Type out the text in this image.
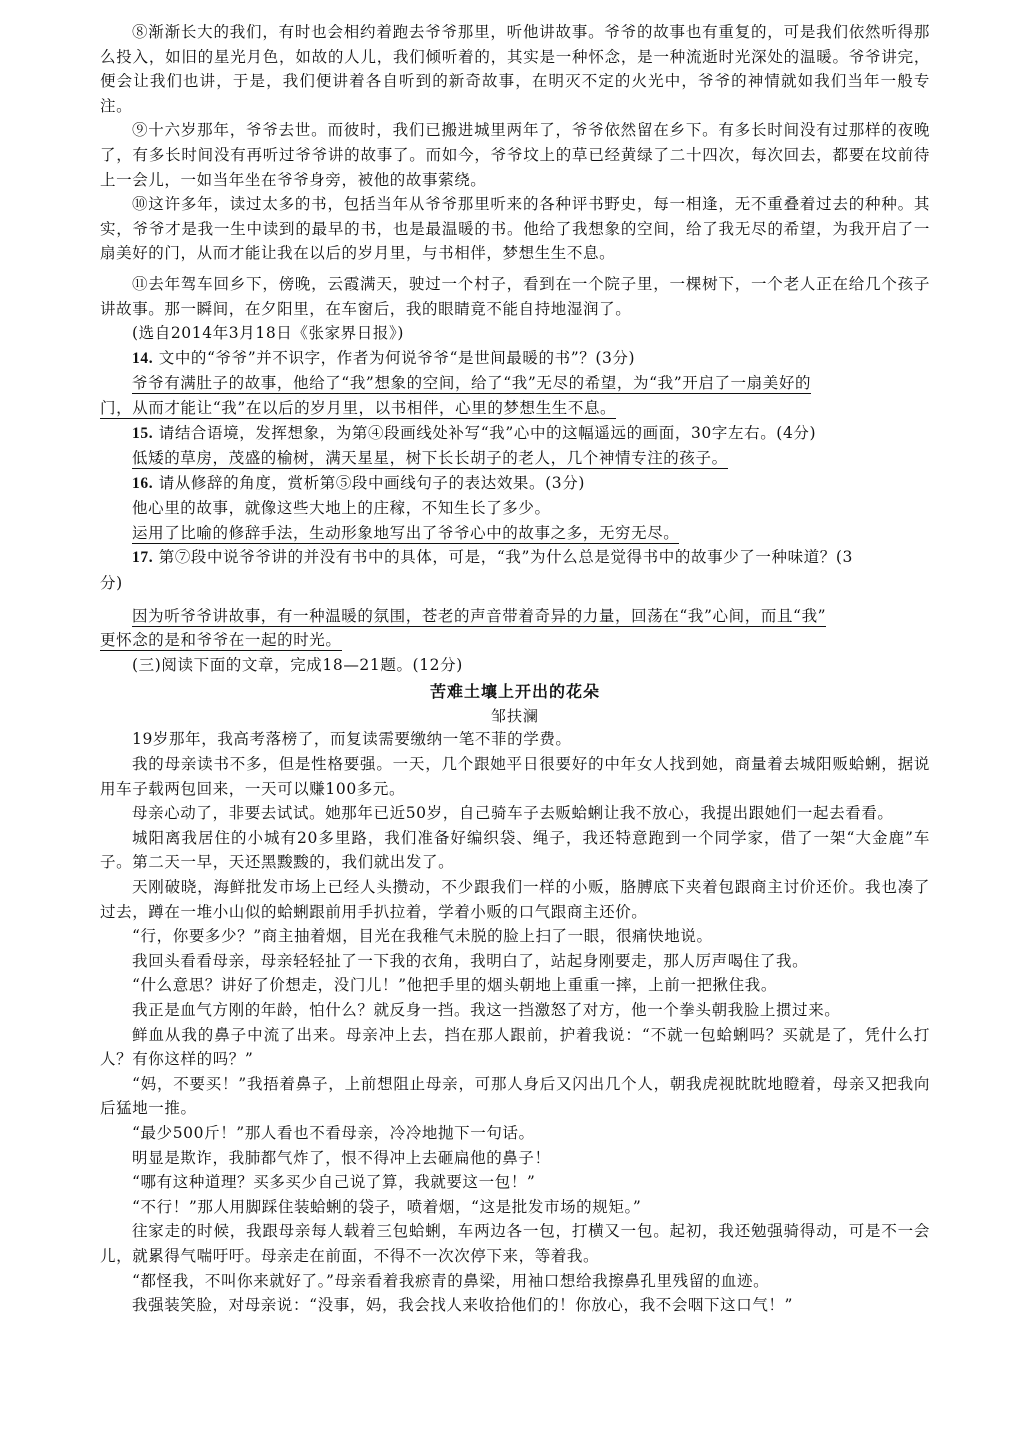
⑧渐渐长大的我们，有时也会相约着跑去爷爷那里，听他讲故事。爷爷的故事也有重复的，可是我们依然听得那么投入，如旧的星光月色，如故的人儿，我们倾听着的，其实是一种怀念，是一种流逝时光深处的温暖。爷爷讲完，便会让我们也讲，于是，我们便讲着各自听到的新奇故事，在明灭不定的火光中，爷爷的神情就如我们当年一般专注。

⑨十六岁那年，爷爷去世。而彼时，我们已搬进城里两年了，爷爷依然留在乡下。有多长时间没有过那样的夜晚了，有多长时间没有再听过爷爷讲的故事了。而如今，爷爷坟上的草已经黄绿了二十四次，每次回去，都要在坟前待上一会儿，一如当年坐在爷爷身旁，被他的故事萦绕。

⑩这许多年，读过太多的书，包括当年从爷爷那里听来的各种评书野史，每一相逢，无不重叠着过去的种种。其实，爷爷才是我一生中读到的最早的书，也是最温暖的书。他给了我想象的空间，给了我无尽的希望，为我开启了一扇美好的门，从而才能让我在以后的岁月里，与书相伴，梦想生生不息。

⑪去年驾车回乡下，傍晚，云霞满天，驶过一个村子，看到在一个院子里，一棵树下，一个老人正在给几个孩子讲故事。那一瞬间，在夕阳里，在车窗后，我的眼睛竟不能自持地湿润了。

(选自2014年3月18日《张家界日报》)

14. 文中的“爷爷”并不识字，作者为何说爷爷“是世间最暖的书”？(3分)

爷爷有满肚子的故事，他给了“我”想象的空间，给了“我”无尽的希望，为“我”开启了一扇美好的

门，从而才能让“我”在以后的岁月里，以书相伴，心里的梦想生生不息。

15. 请结合语境，发挥想象，为第④段画线处补写“我”心中的这幅遥远的画面，30字左右。(4分)

低矮的草房，茂盛的榆树，满天星星，树下长长胡子的老人，几个神情专注的孩子。

16. 请从修辞的角度，赏析第⑤段中画线句子的表达效果。(3分)

他心里的故事，就像这些大地上的庄稼，不知生长了多少。

运用了比喻的修辞手法，生动形象地写出了爷爷心中的故事之多，无穷无尽。

17. 第⑦段中说爷爷讲的并没有书中的具体，可是，“我”为什么总是觉得书中的故事少了一种味道？(3

分)

因为听爷爷讲故事，有一种温暖的氛围，苍老的声音带着奇异的力量，回荡在“我”心间，而且“我”

更怀念的是和爷爷在一起的时光。

(三)阅读下面的文章，完成18—21题。(12分)

苦难土壤上开出的花朵

邹扶澜

19岁那年，我高考落榜了，而复读需要缴纳一笔不菲的学费。

我的母亲读书不多，但是性格要强。一天，几个跟她平日很要好的中年女人找到她，商量着去城阳贩蛤蜊，据说用车子载两包回来，一天可以赚100多元。

母亲心动了，非要去试试。她那年已近50岁，自己骑车子去贩蛤蜊让我不放心，我提出跟她们一起去看看。

城阳离我居住的小城有20多里路，我们准备好编织袋、绳子，我还特意跑到一个同学家，借了一架“大金鹿”车子。第二天一早，天还黑黢黢的，我们就出发了。

天刚破晓，海鲜批发市场上已经人头攒动，不少跟我们一样的小贩，胳膊底下夹着包跟商主讨价还价。我也凑了过去，蹲在一堆小山似的蛤蜊跟前用手扒拉着，学着小贩的口气跟商主还价。

“行，你要多少？”商主抽着烟，目光在我稚气未脱的脸上扫了一眼，很痛快地说。

我回头看看母亲，母亲轻轻扯了一下我的衣角，我明白了，站起身刚要走，那人厉声喝住了我。

“什么意思？讲好了价想走，没门儿！”他把手里的烟头朝地上重重一摔，上前一把揪住我。

我正是血气方刚的年龄，怕什么？就反身一挡。我这一挡激怒了对方，他一个拳头朝我脸上掼过来。

鲜血从我的鼻子中流了出来。母亲冲上去，挡在那人跟前，护着我说：“不就一包蛤蜊吗？买就是了，凭什么打人？有你这样的吗？”

“妈，不要买！”我捂着鼻子，上前想阻止母亲，可那人身后又闪出几个人，朝我虎视眈眈地瞪着，母亲又把我向后猛地一推。

“最少500斤！”那人看也不看母亲，冷冷地抛下一句话。

明显是欺诈，我肺都气炸了，恨不得冲上去砸扁他的鼻子！

“哪有这种道理？买多买少自己说了算，我就要这一包！”

“不行！”那人用脚踩住装蛤蜊的袋子，喷着烟，“这是批发市场的规矩。”

往家走的时候，我跟母亲每人载着三包蛤蜊，车两边各一包，打横又一包。起初，我还勉强骑得动，可是不一会儿，就累得气喘吁吁。母亲走在前面，不得不一次次停下来，等着我。

“都怪我，不叫你来就好了。”母亲看着我瘀青的鼻梁，用袖口想给我擦鼻孔里残留的血迹。

我强装笑脸，对母亲说：“没事，妈，我会找人来收拾他们的！你放心，我不会咽下这口气！”
